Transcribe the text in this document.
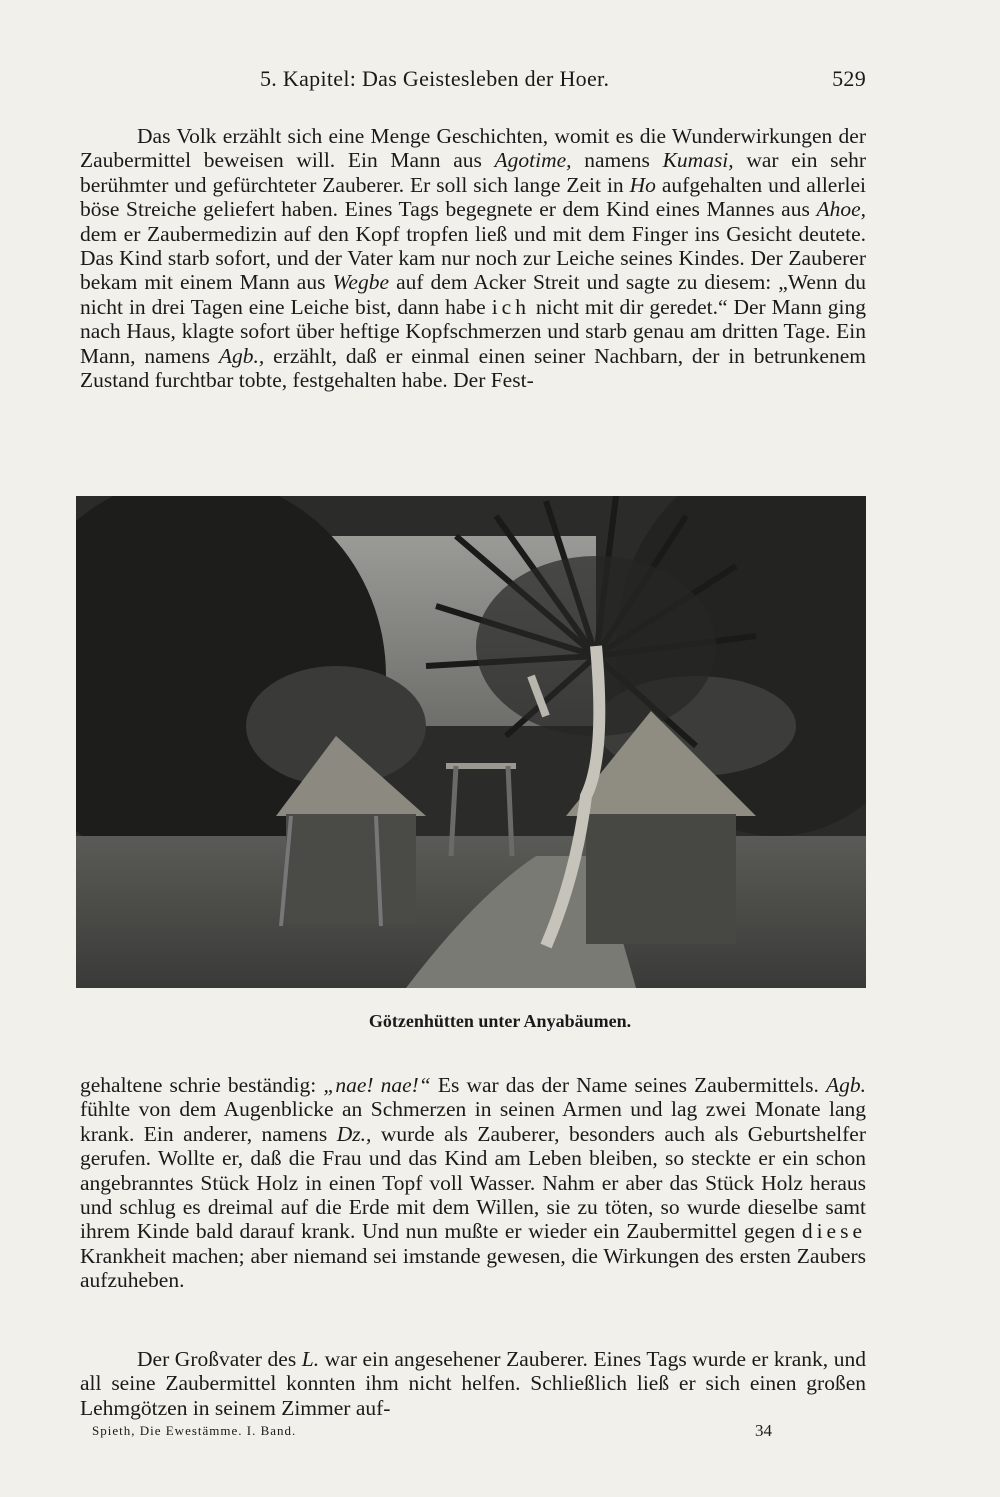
5. Kapitel: Das Geistesleben der Hoer.	529

Das Volk erzählt sich eine Menge Geschichten, womit es die Wunderwirkungen der Zaubermittel beweisen will. Ein Mann aus Agotime, namens Kumasi, war ein sehr berühmter und gefürchteter Zauberer. Er soll sich lange Zeit in Ho aufgehalten und allerlei böse Streiche geliefert haben. Eines Tags begegnete er dem Kind eines Mannes aus Ahoe, dem er Zaubermedizin auf den Kopf tropfen ließ und mit dem Finger ins Gesicht deutete. Das Kind starb sofort, und der Vater kam nur noch zur Leiche seines Kindes. Der Zauberer bekam mit einem Mann aus Wegbe auf dem Acker Streit und sagte zu diesem: „Wenn du nicht in drei Tagen eine Leiche bist, dann habe ich nicht mit dir geredet.“ Der Mann ging nach Haus, klagte sofort über heftige Kopfschmerzen und starb genau am dritten Tage. Ein Mann, namens Agb., erzählt, daß er einmal einen seiner Nachbarn, der in betrunkenem Zustand furchtbar tobte, festgehalten habe. Der Fest-

Götzenhütten unter Anyabäumen.

gehaltene schrie beständig: „nae! nae!“ Es war das der Name seines Zaubermittels. Agb. fühlte von dem Augenblicke an Schmerzen in seinen Armen und lag zwei Monate lang krank. Ein anderer, namens Dz., wurde als Zauberer, besonders auch als Geburtshelfer gerufen. Wollte er, daß die Frau und das Kind am Leben bleiben, so steckte er ein schon angebranntes Stück Holz in einen Topf voll Wasser. Nahm er aber das Stück Holz heraus und schlug es dreimal auf die Erde mit dem Willen, sie zu töten, so wurde dieselbe samt ihrem Kinde bald darauf krank. Und nun mußte er wieder ein Zaubermittel gegen diese Krankheit machen; aber niemand sei imstande gewesen, die Wirkungen des ersten Zaubers aufzuheben.

Der Großvater des L. war ein angesehener Zauberer. Eines Tags wurde er krank, und all seine Zaubermittel konnten ihm nicht helfen. Schließlich ließ er sich einen großen Lehmgötzen in seinem Zimmer auf-

Spieth, Die Ewestämme. I. Band.	34
